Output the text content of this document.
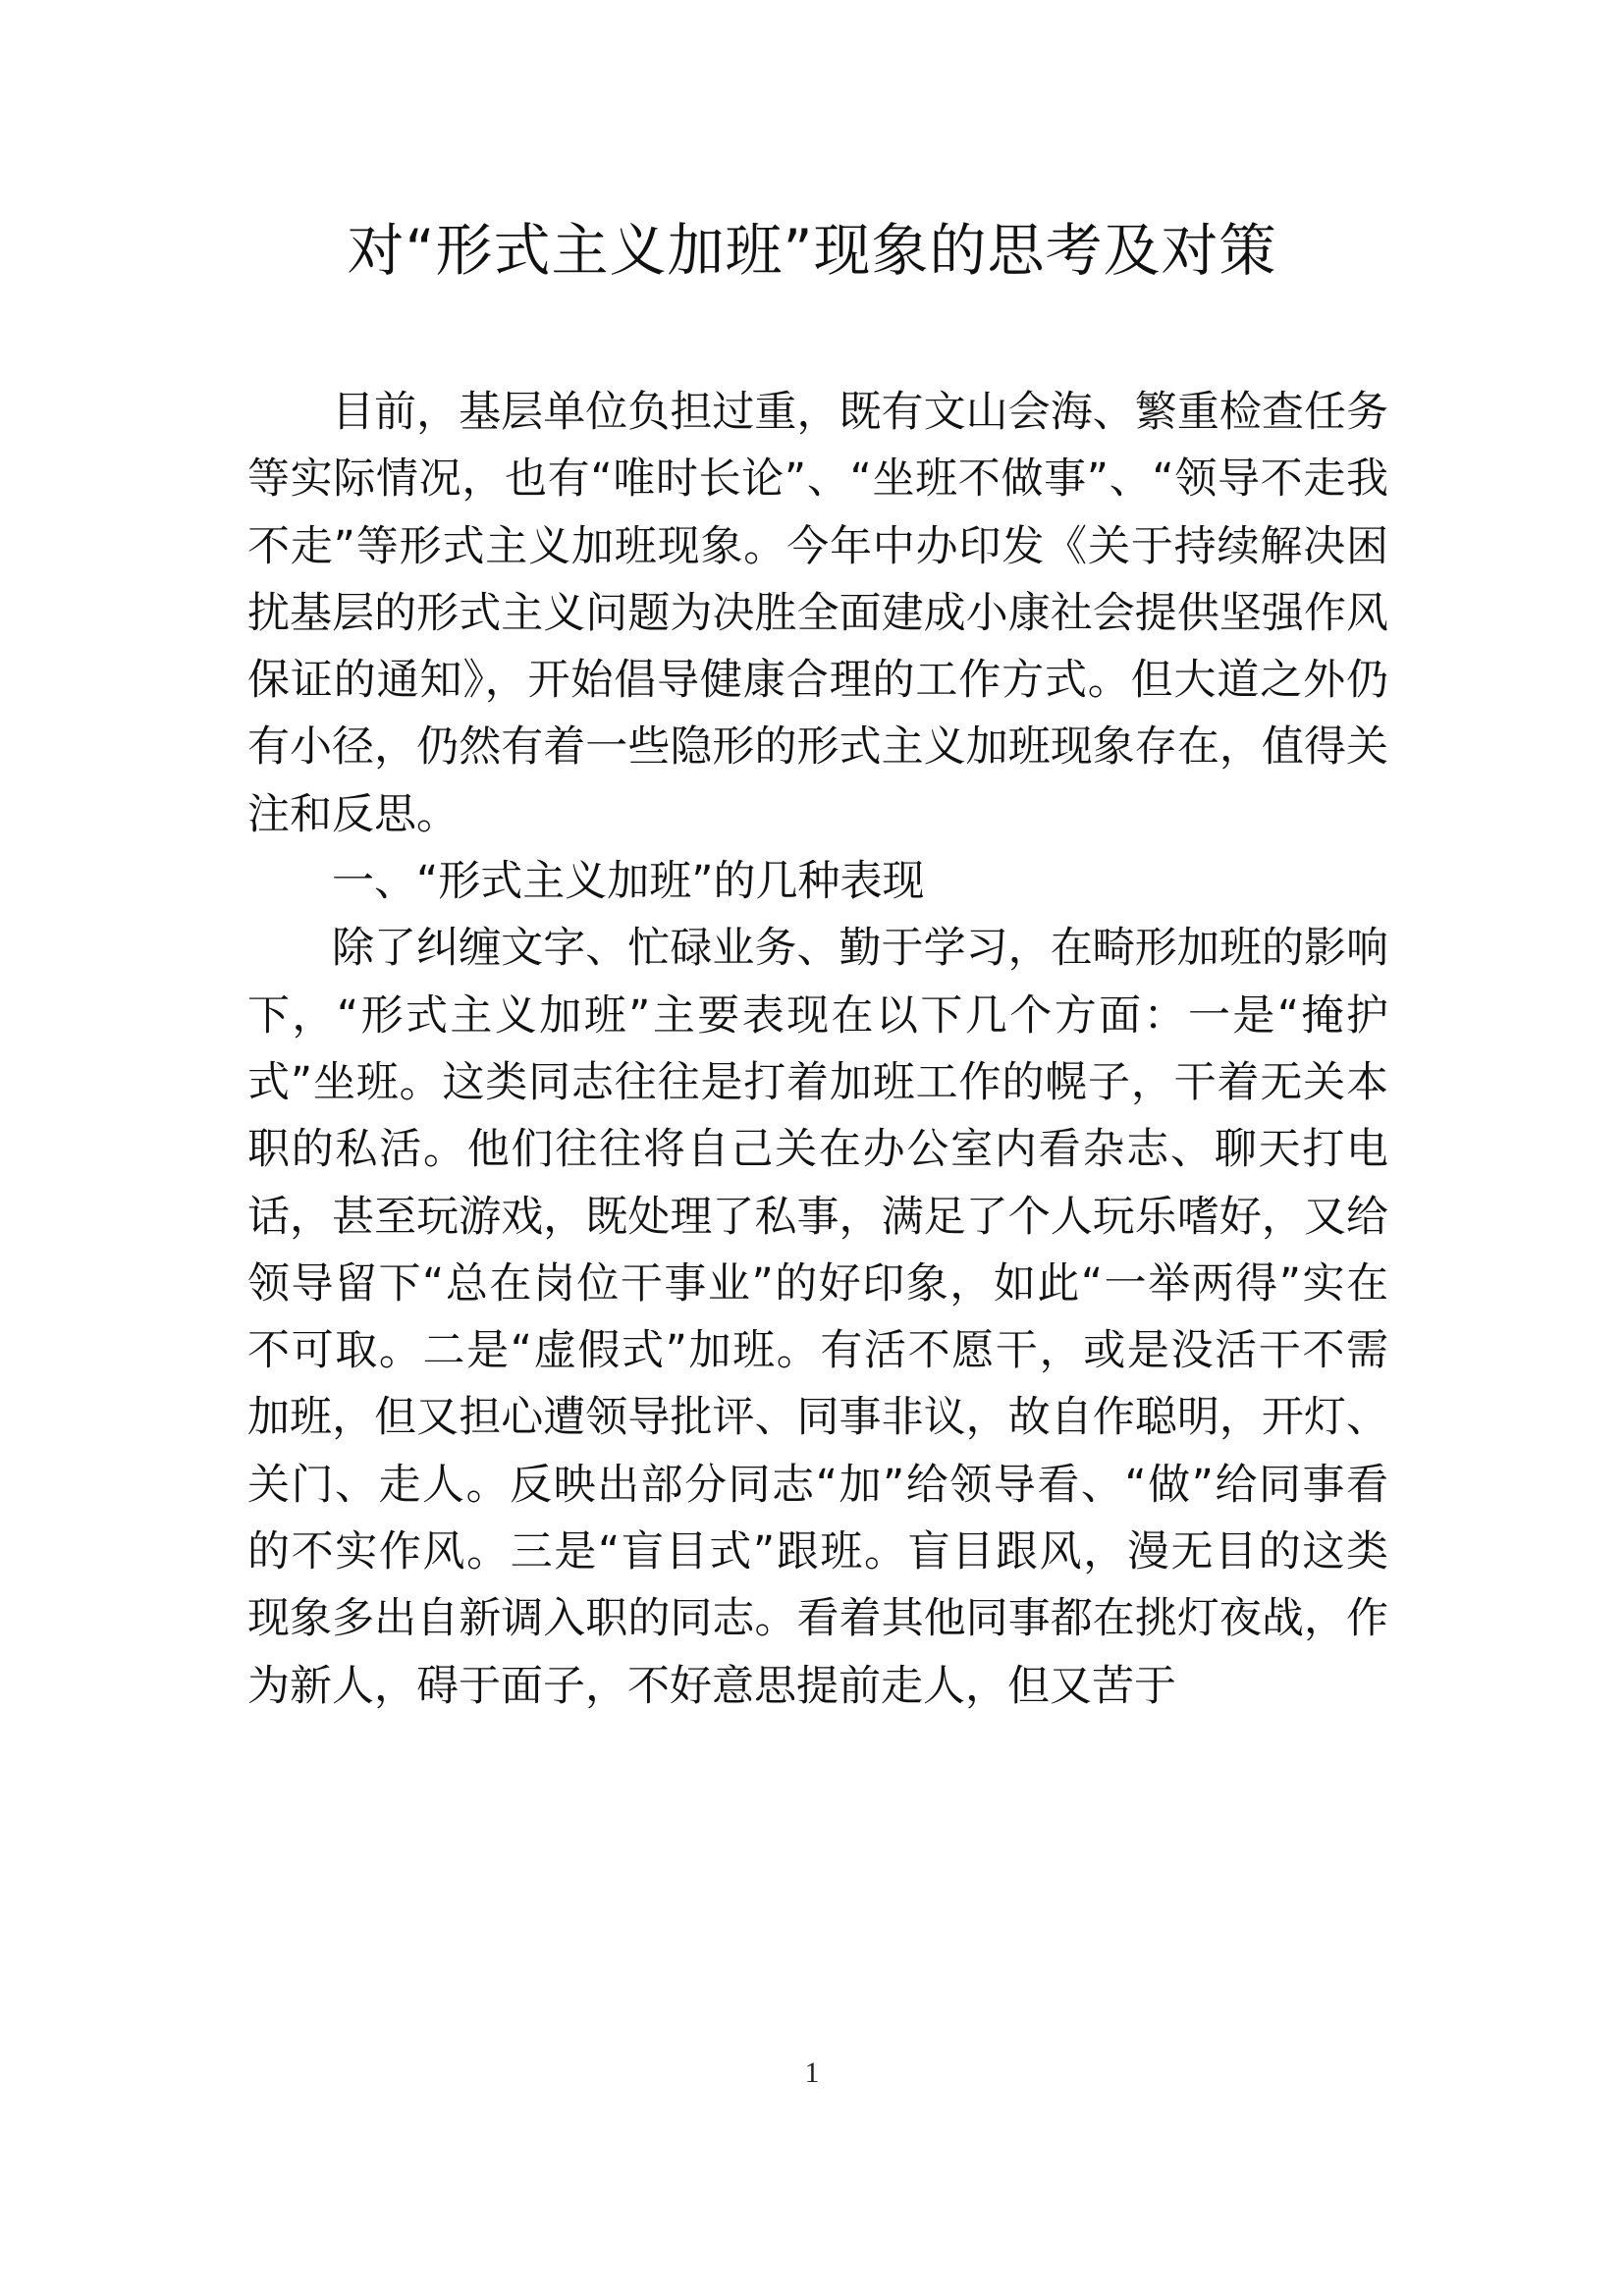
对“形式主义加班”现象的思考及对策

目前，基层单位负担过重，既有文山会海、繁重检查任务等实际情况，也有“唯时长论”、“坐班不做事”、“领导不走我不走”等形式主义加班现象。今年中办印发《关于持续解决困扰基层的形式主义问题为决胜全面建成小康社会提供坚强作风保证的通知》，开始倡导健康合理的工作方式。但大道之外仍有小径，仍然有着一些隐形的形式主义加班现象存在，值得关注和反思。

一、“形式主义加班”的几种表现

除了纠缠文字、忙碌业务、勤于学习，在畸形加班的影响下，“形式主义加班”主要表现在以下几个方面：一是“掩护式”坐班。这类同志往往是打着加班工作的幌子，干着无关本职的私活。他们往往将自己关在办公室内看杂志、聊天打电话，甚至玩游戏，既处理了私事，满足了个人玩乐嗜好，又给领导留下“总在岗位干事业”的好印象，如此“一举两得”实在不可取。二是“虚假式”加班。有活不愿干，或是没活干不需加班，但又担心遭领导批评、同事非议，故自作聪明，开灯、关门、走人。反映出部分同志“加”给领导看、“做”给同事看的不实作风。三是“盲目式”跟班。盲目跟风，漫无目的这类现象多出自新调入职的同志。看着其他同事都在挑灯夜战，作为新人，碍于面子，不好意思提前走人，但又苦于

1
